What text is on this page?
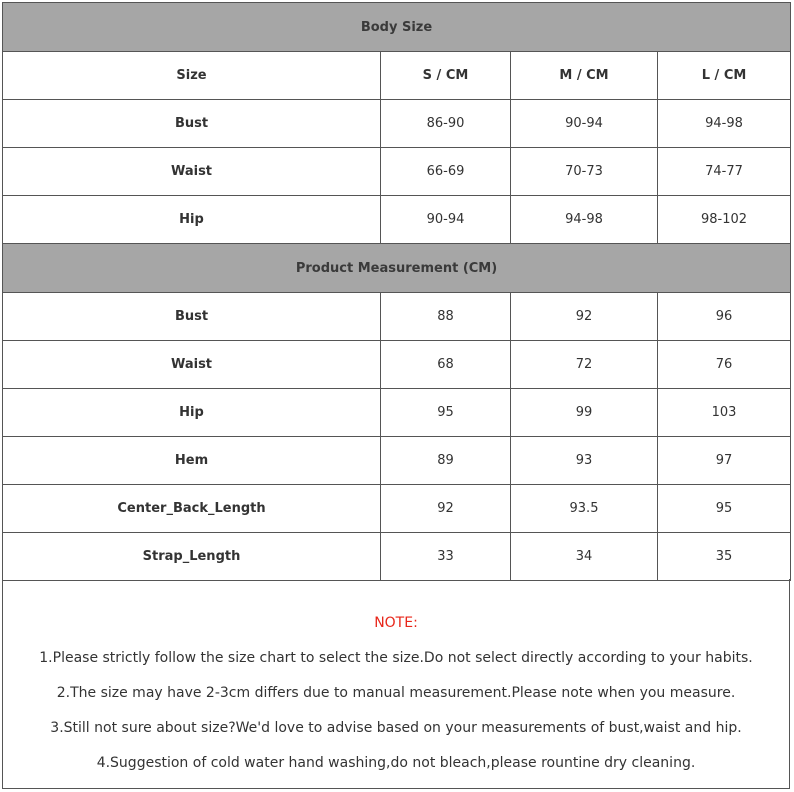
Body Size			
Size	S / CM	M / CM	L / CM
Bust	86-90	90-94	94-98
Waist	66-69	70-73	74-77
Hip	90-94	94-98	98-102
Product Measurement (CM)			
Bust	88	92	96
Waist	68	72	76
Hip	95	99	103
Hem	89	93	97
Center_Back_Length	92	93.5	95
Strap_Length	33	34	35
NOTE:
1.Please strictly follow the size chart to select the size.Do not select directly according to your habits.
2.The size may have 2-3cm differs due to manual measurement.Please note when you measure.
3.Still not sure about size?We'd love to advise based on your measurements of bust,waist and hip.
4.Suggestion of cold water hand washing,do not bleach,please rountine dry cleaning.
